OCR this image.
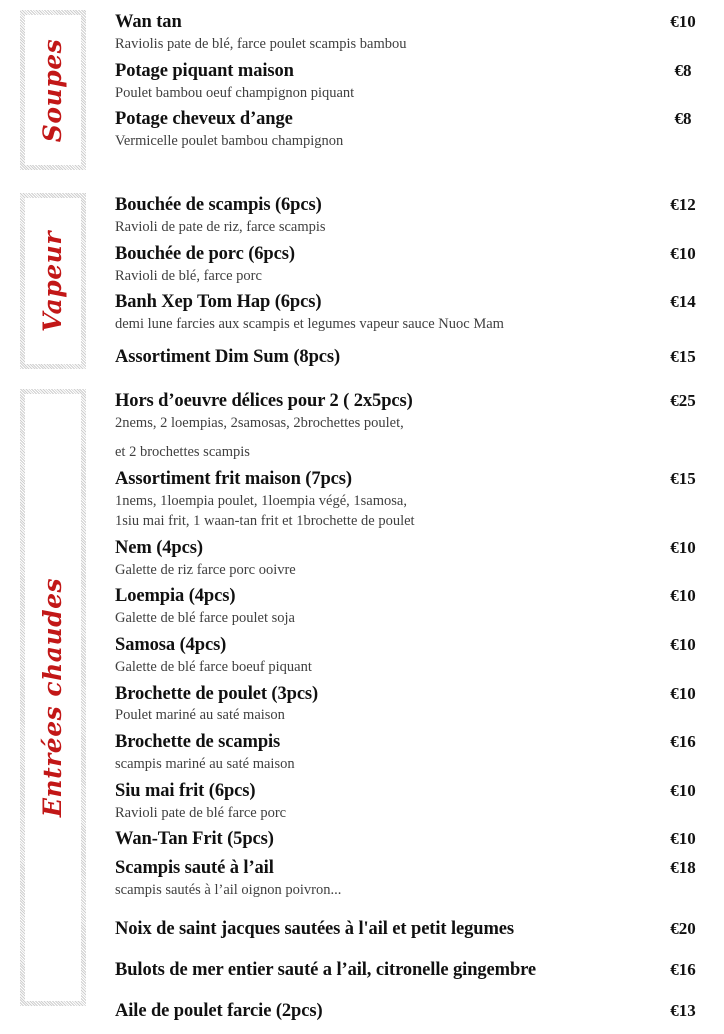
Soupes
Wan tan	€10
Raviolis pate de blé, farce poulet scampis bambou
Potage piquant maison	€8
Poulet bambou oeuf champignon piquant
Potage cheveux d’ange	€8
Vermicelle poulet bambou champignon
Vapeur
Bouchée de scampis (6pcs)	€12
Ravioli de pate de riz, farce scampis
Bouchée de porc (6pcs)	€10
Ravioli de blé, farce porc
Banh Xep Tom Hap (6pcs)	€14
demi lune farcies aux scampis et legumes vapeur sauce Nuoc Mam
Assortiment Dim Sum (8pcs)	€15
Entrées chaudes
Hors d’oeuvre délices pour 2 ( 2x5pcs)	€25
2nems, 2 loempias, 2samosas, 2brochettes poulet,
et 2 brochettes scampis
Assortiment frit maison (7pcs)	€15
1nems, 1loempia poulet, 1loempia végé, 1samosa,
1siu mai frit, 1 waan-tan frit et 1brochette de poulet
Nem (4pcs)	€10
Galette de riz farce porc ooivre
Loempia (4pcs)	€10
Galette de blé farce poulet soja
Samosa (4pcs)	€10
Galette de blé farce boeuf piquant
Brochette de poulet (3pcs)	€10
Poulet mariné au saté maison
Brochette de scampis	€16
scampis mariné au saté maison
Siu mai frit (6pcs)	€10
Ravioli pate de blé farce porc
Wan-Tan Frit (5pcs)	€10
Scampis sauté à l’ail	€18
scampis sautés à l’ail oignon poivron...
Noix de saint jacques sautées à l'ail et petit legumes	€20
Bulots de mer entier sauté a l’ail, citronelle gingembre	€16
Aile de poulet farcie (2pcs)	€13
